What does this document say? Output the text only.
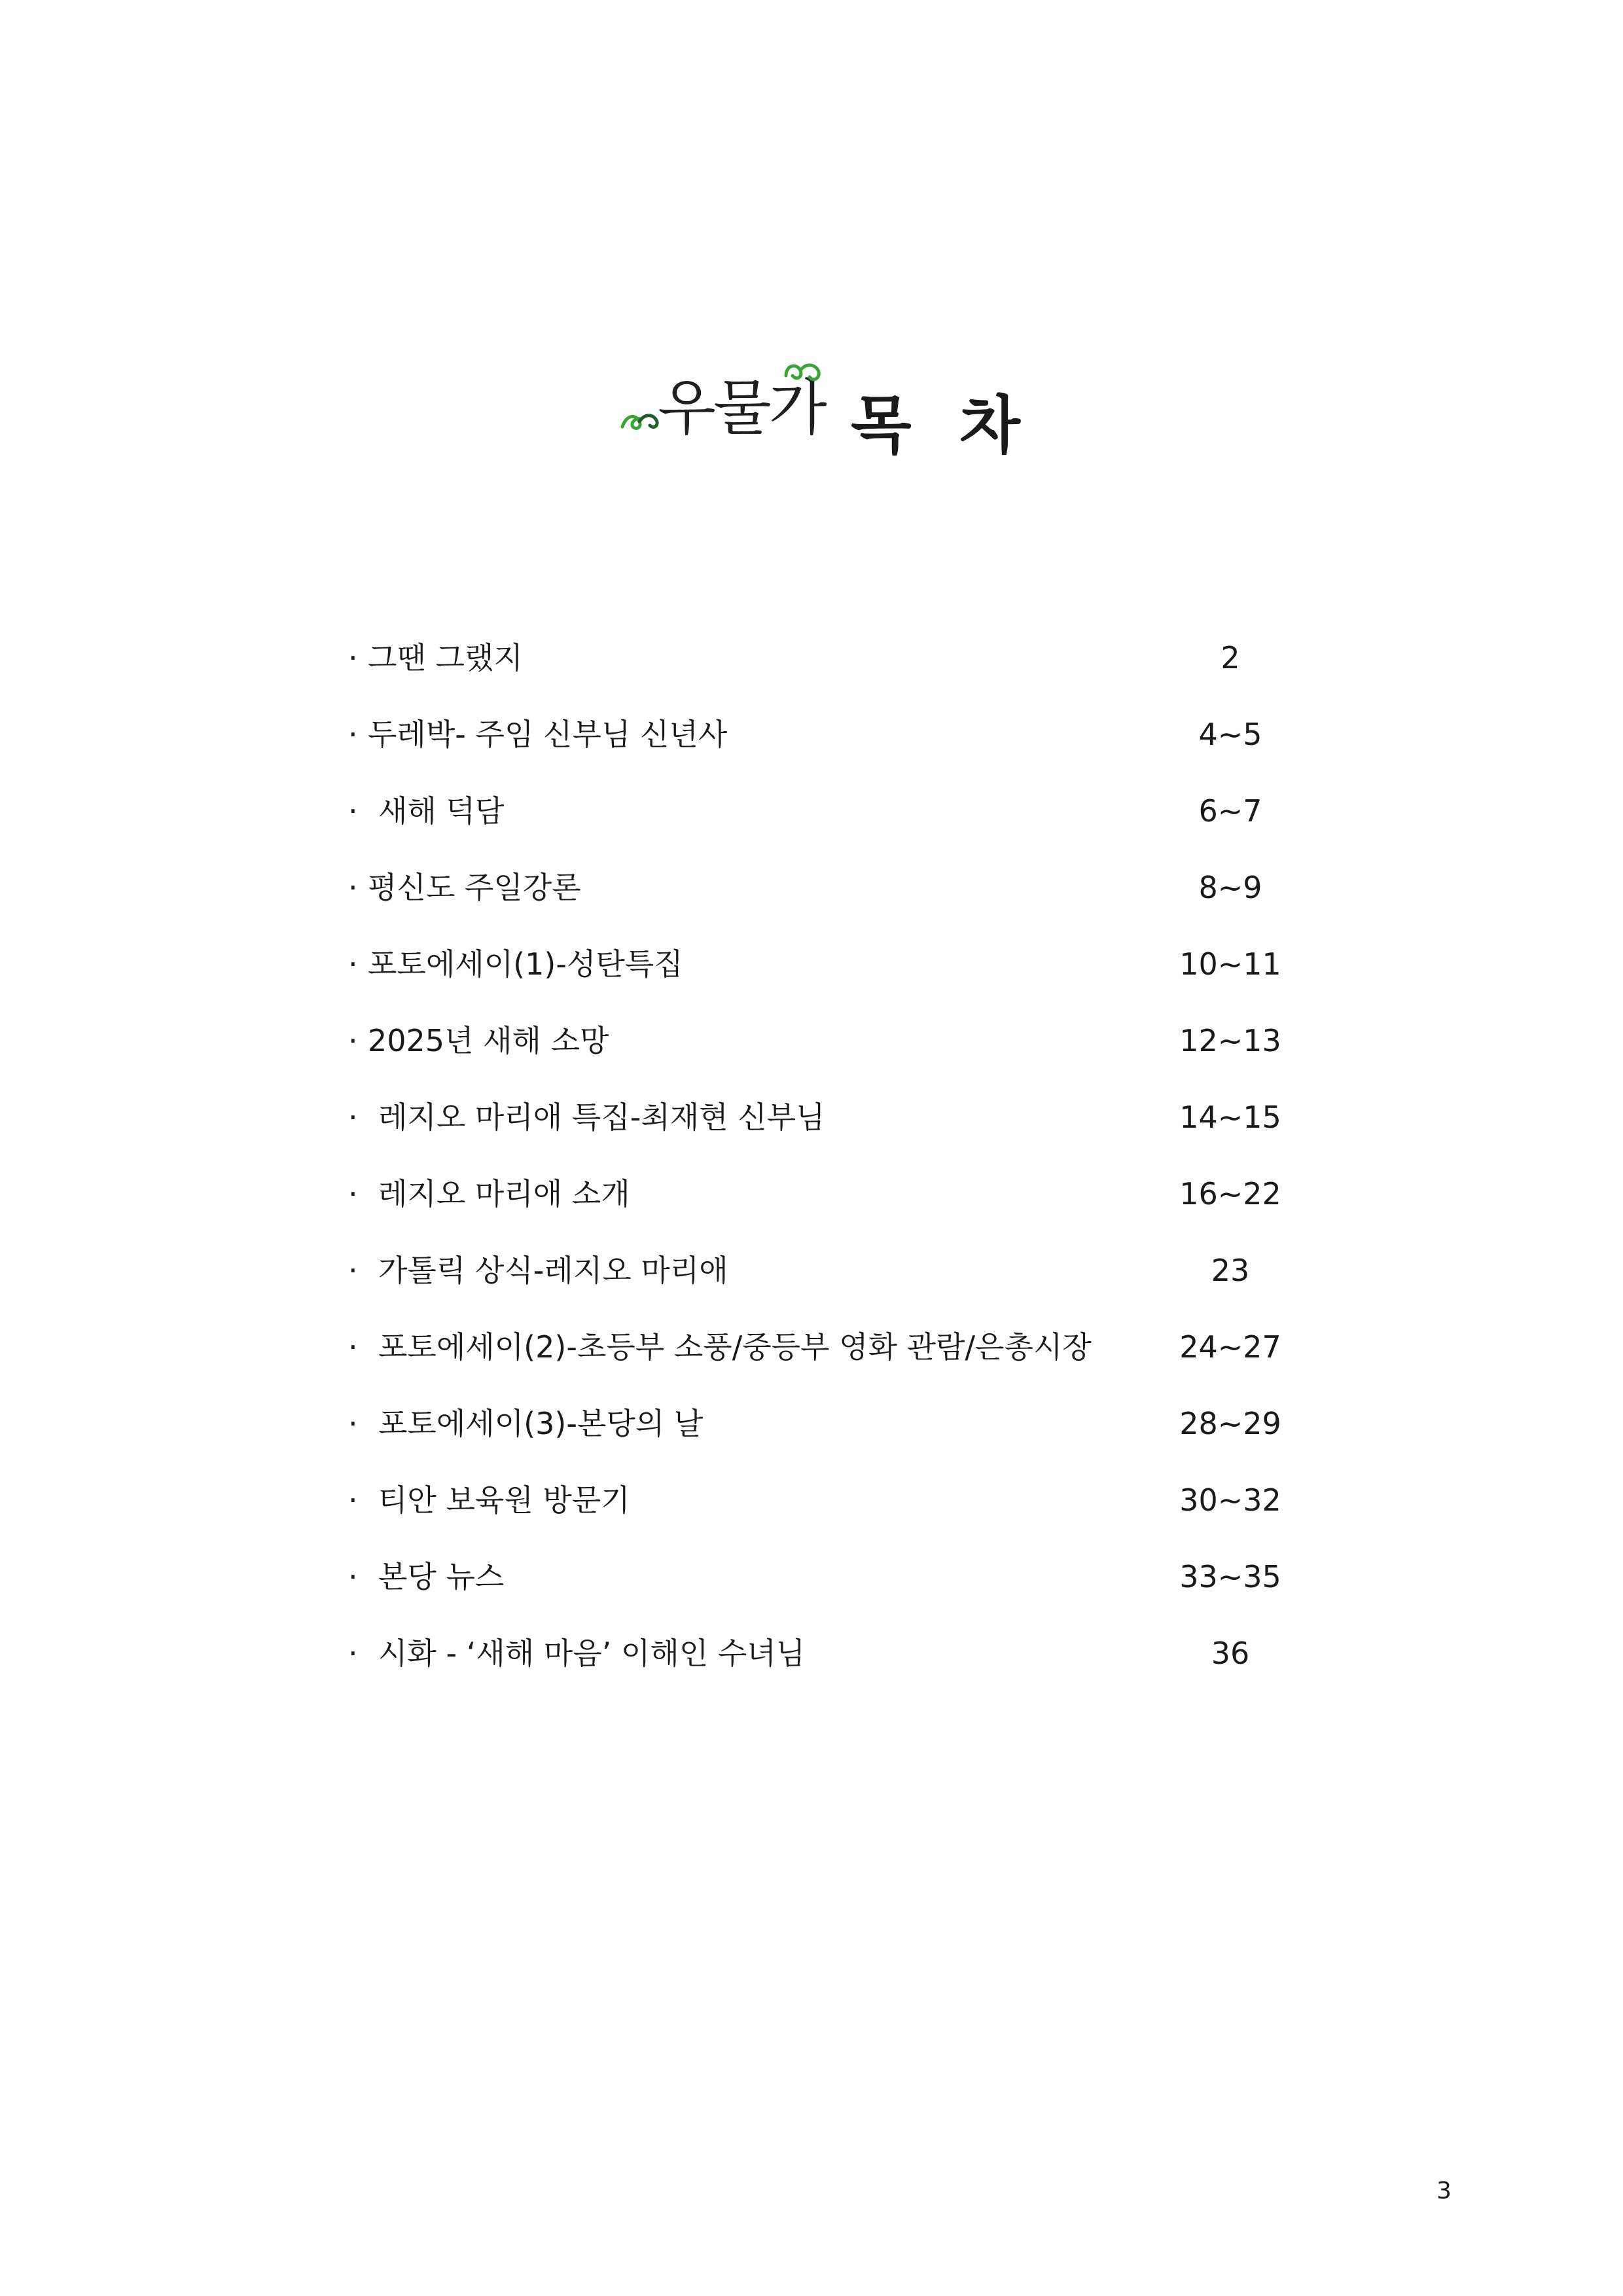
우물가 목 차
· 그땐 그랬지	2
· 두레박- 주임 신부님 신년사	4~5
· 새해 덕담	6~7
· 평신도 주일강론	8~9
· 포토에세이(1)-성탄특집	10~11
· 2025년 새해 소망	12~13
· 레지오 마리애 특집-최재현 신부님	14~15
· 레지오 마리애 소개	16~22
· 가톨릭 상식-레지오 마리애	23
· 포토에세이(2)-초등부 소풍/중등부 영화 관람/은총시장	24~27
· 포토에세이(3)-본당의 날	28~29
· 티안 보육원 방문기	30~32
· 본당 뉴스	33~35
· 시화 - ‘새해 마음’ 이해인 수녀님	36
3
